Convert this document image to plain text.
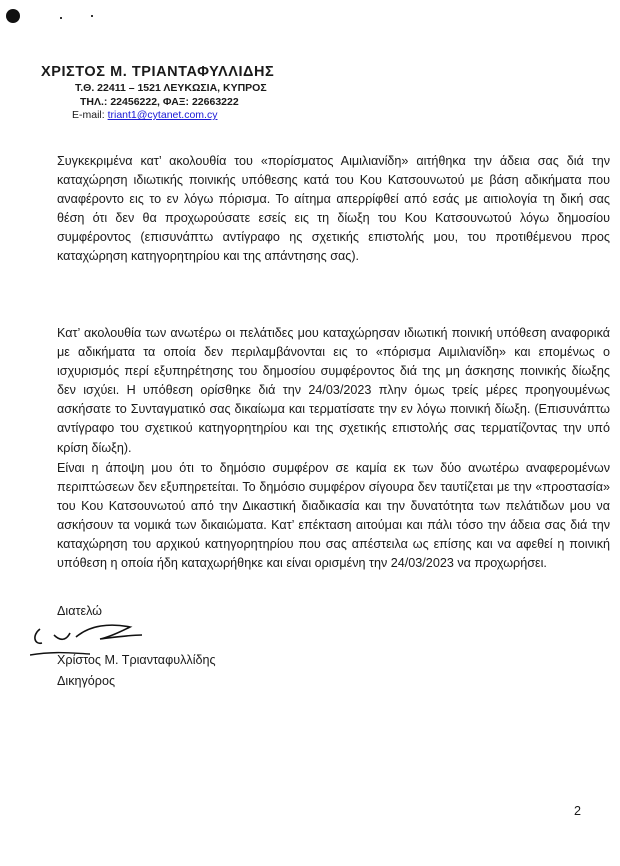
ΧΡΙΣΤΟΣ Μ. ΤΡΙΑΝΤΑΦΥΛΛΙΔΗΣ
Τ.Θ. 22411 – 1521 ΛΕΥΚΩΣΙΑ, ΚΥΠΡΟΣ
ΤΗΛ.: 22456222, ΦΑΞ: 22663222
E-mail: triant1@cytanet.com.cy

Συγκεκριμένα κατ’ ακολουθία του «πορίσματος Αιμιλιανίδη» αιτήθηκα την άδεια σας διά την καταχώρηση ιδιωτικής ποινικής υπόθεσης κατά του Κου Κατσουνωτού με βάση αδικήματα που αναφέροντο εις το εν λόγω πόρισμα. Το αίτημα απερρίφθεί από εσάς με αιτιολογία τη δική σας θέση ότι δεν θα προχωρούσατε εσείς εις τη δίωξη του Κου Κατσουνωτού λόγω δημοσίου συμφέροντος (επισυνάπτω αντίγραφο ης σχετικής επιστολής μου, του προτιθέμενου προς καταχώρηση κατηγορητηρίου και της απάντησης σας).

Κατ’ ακολουθία των ανωτέρω οι πελάτιδες μου καταχώρησαν ιδιωτική ποινική υπόθεση αναφορικά με αδικήματα τα οποία δεν περιλαμβάνονται εις το «πόρισμα Αιμιλιανίδη» και επομένως ο ισχυρισμός περί εξυπηρέτησης του δημοσίου συμφέροντος διά της μη άσκησης ποινικής δίωξης δεν ισχύει. Η υπόθεση ορίσθηκε διά την 24/03/2023 πλην όμως τρείς μέρες προηγουμένως ασκήσατε το Συνταγματικό σας δικαίωμα και τερματίσατε την εν λόγω ποινική δίωξη. (Επισυνάπτω αντίγραφο του σχετικού κατηγορητηρίου και της σχετικής επιστολής σας τερματίζοντας την υπό κρίση δίωξη).

Είναι η άποψη μου ότι το δημόσιο συμφέρον σε καμία εκ των δύο ανωτέρω αναφερομένων περιπτώσεων δεν εξυπηρετείται. Το δημόσιο συμφέρον σίγουρα δεν ταυτίζεται με την «προστασία» του Κου Κατσουνωτού από την Δικαστική διαδικασία και την δυνατότητα των πελάτιδων μου να ασκήσουν τα νομικά των δικαιώματα. Κατ’ επέκταση αιτούμαι και πάλι τόσο την άδεια σας διά την καταχώρηση του αρχικού κατηγορητηρίου που σας απέστειλα ως επίσης και να αφεθεί η ποινική υπόθεση η οποία ήδη καταχωρήθηκε και είναι ορισμένη την 24/03/2023 να προχωρήσει.

Διατελώ
Χρίστος Μ. Τριανταφυλλίδης
Δικηγόρος
2
